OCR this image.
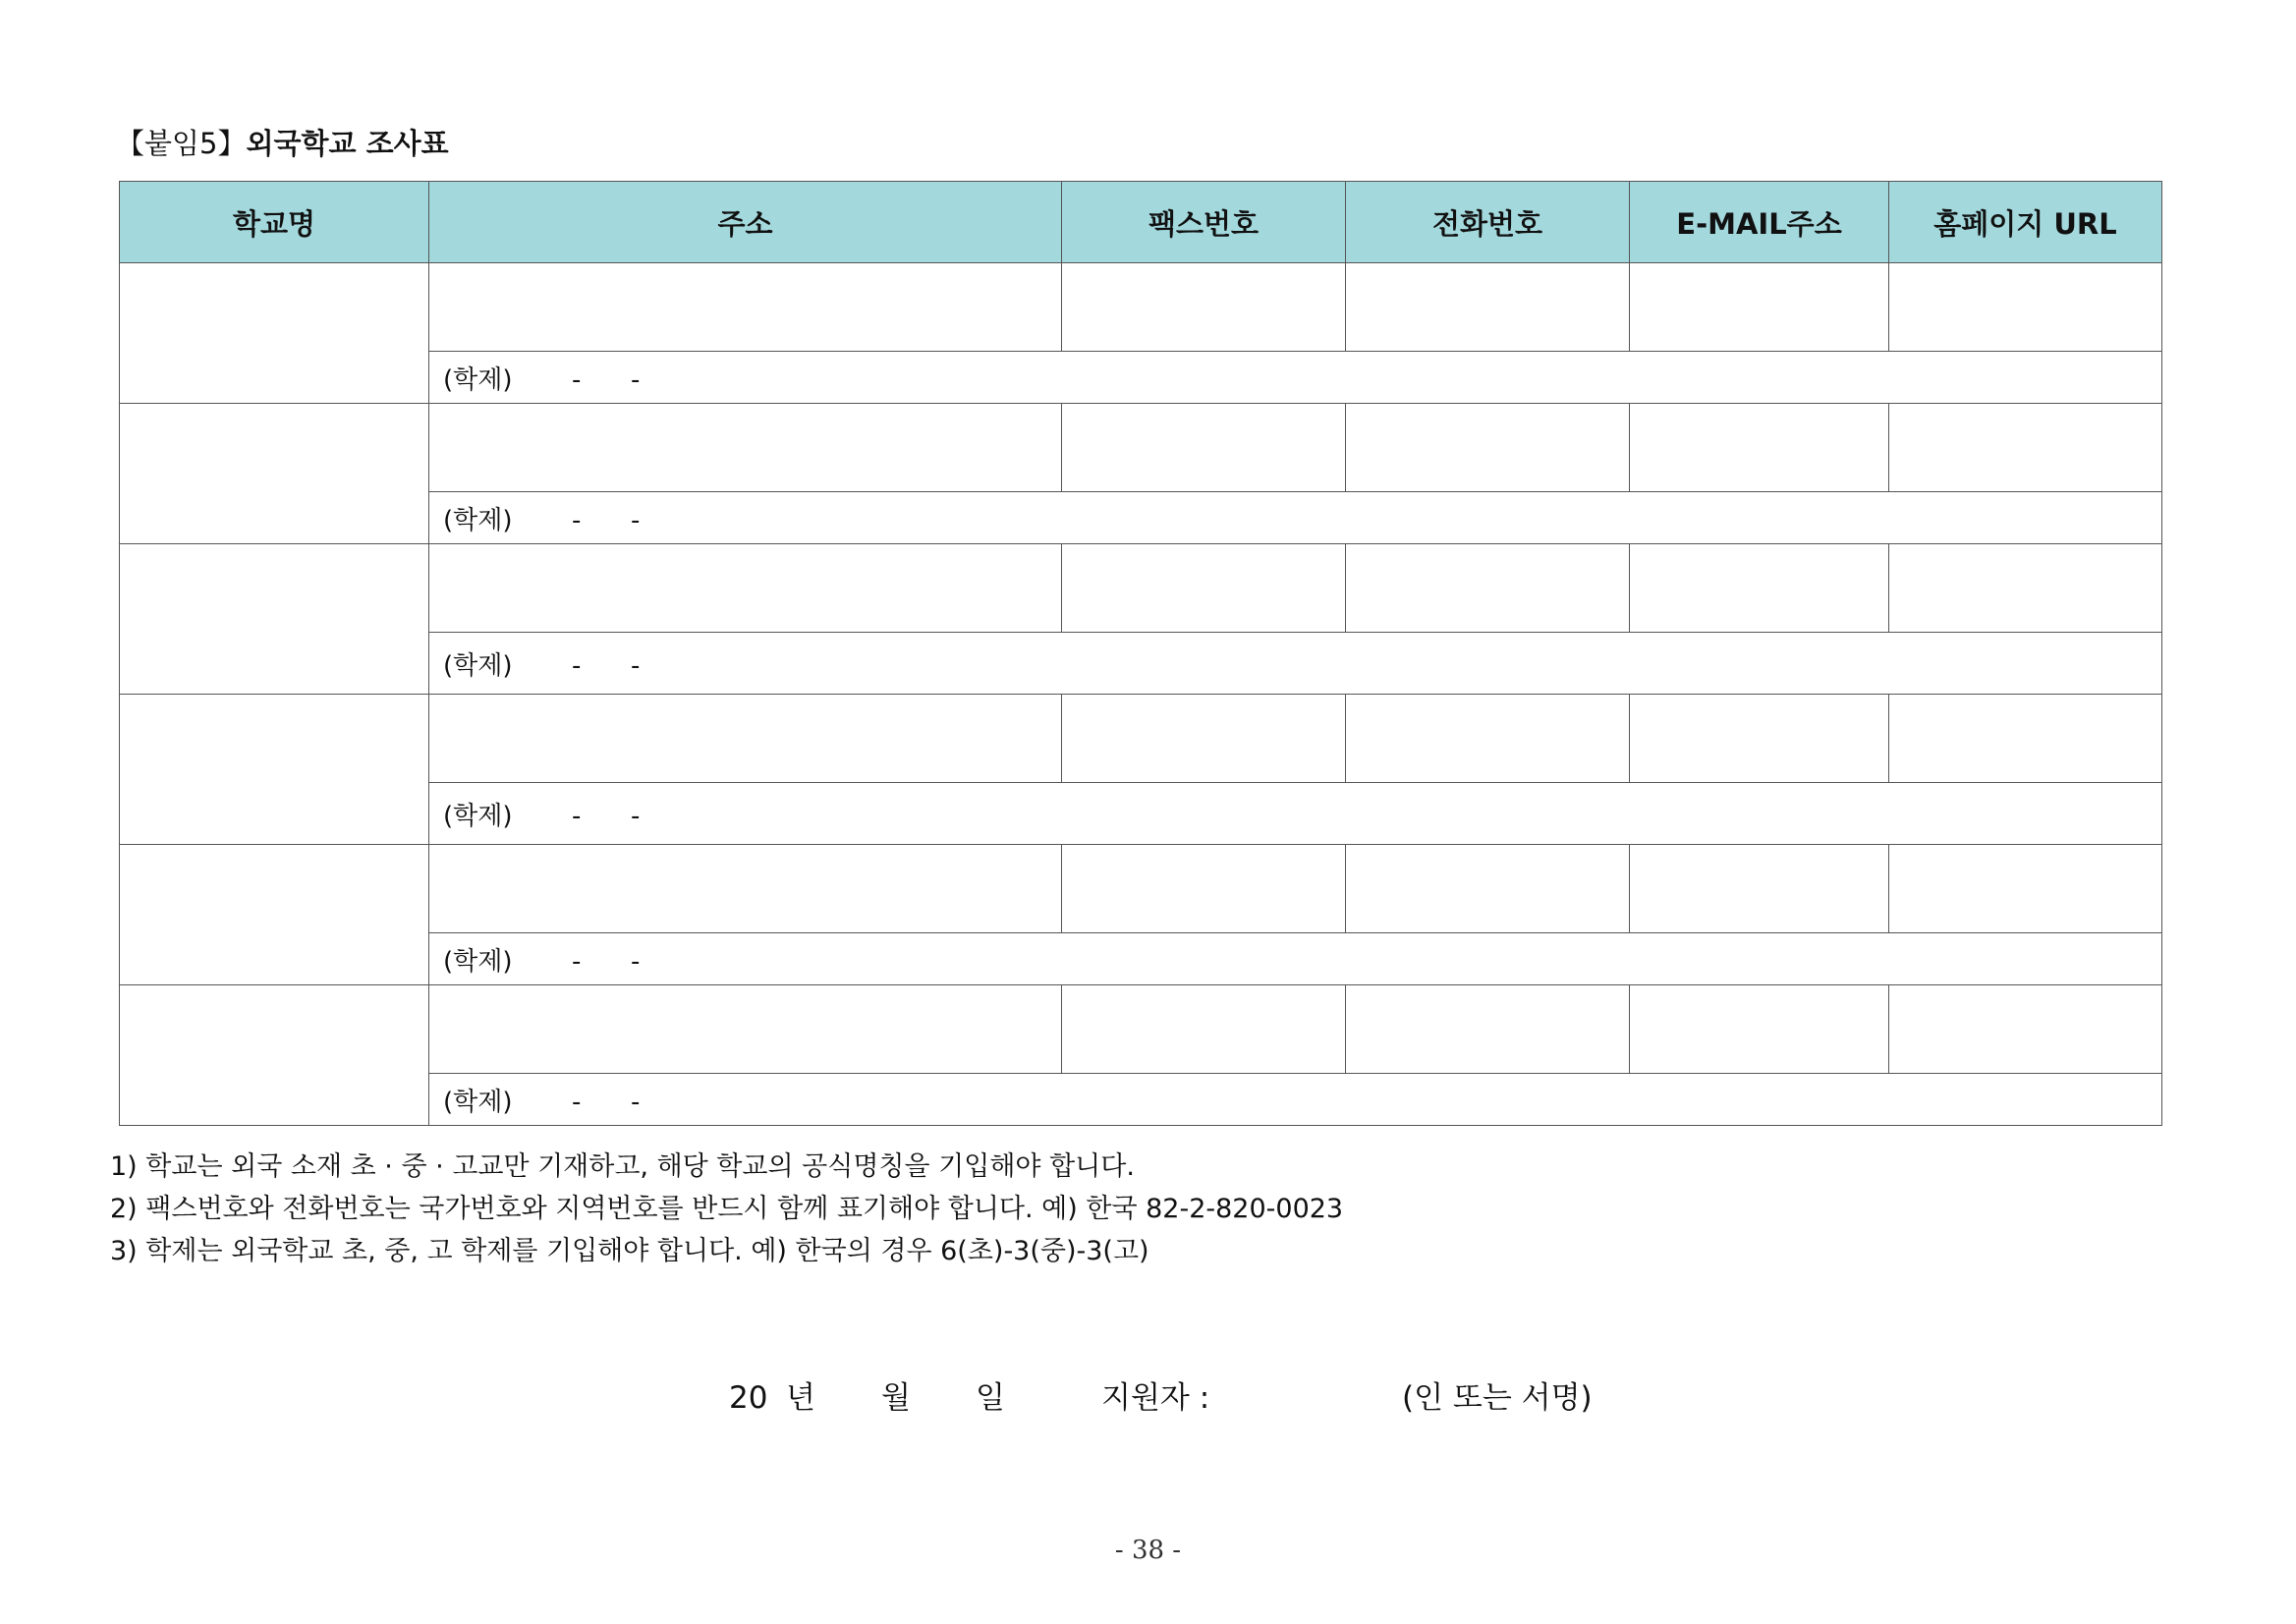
【붙임5】외국학교 조사표
학교명	주소	팩스번호	전화번호	E-MAIL주소	홈페이지 URL

	(학제) - -				

	(학제) - -				

	(학제) - -				

	(학제) - -				

	(학제) - -				

	(학제) - -				
1) 학교는 외국 소재 초 · 중 · 고교만 기재하고, 해당 학교의 공식명칭을 기입해야 합니다.
2) 팩스번호와 전화번호는 국가번호와 지역번호를 반드시 함께 표기해야 합니다. 예) 한국 82-2-820-0023
3) 학제는 외국학교 초, 중, 고 학제를 기입해야 합니다. 예) 한국의 경우 6(초)-3(중)-3(고)
20 년 월 일	지원자 :	(인 또는 서명)
- 38 -
